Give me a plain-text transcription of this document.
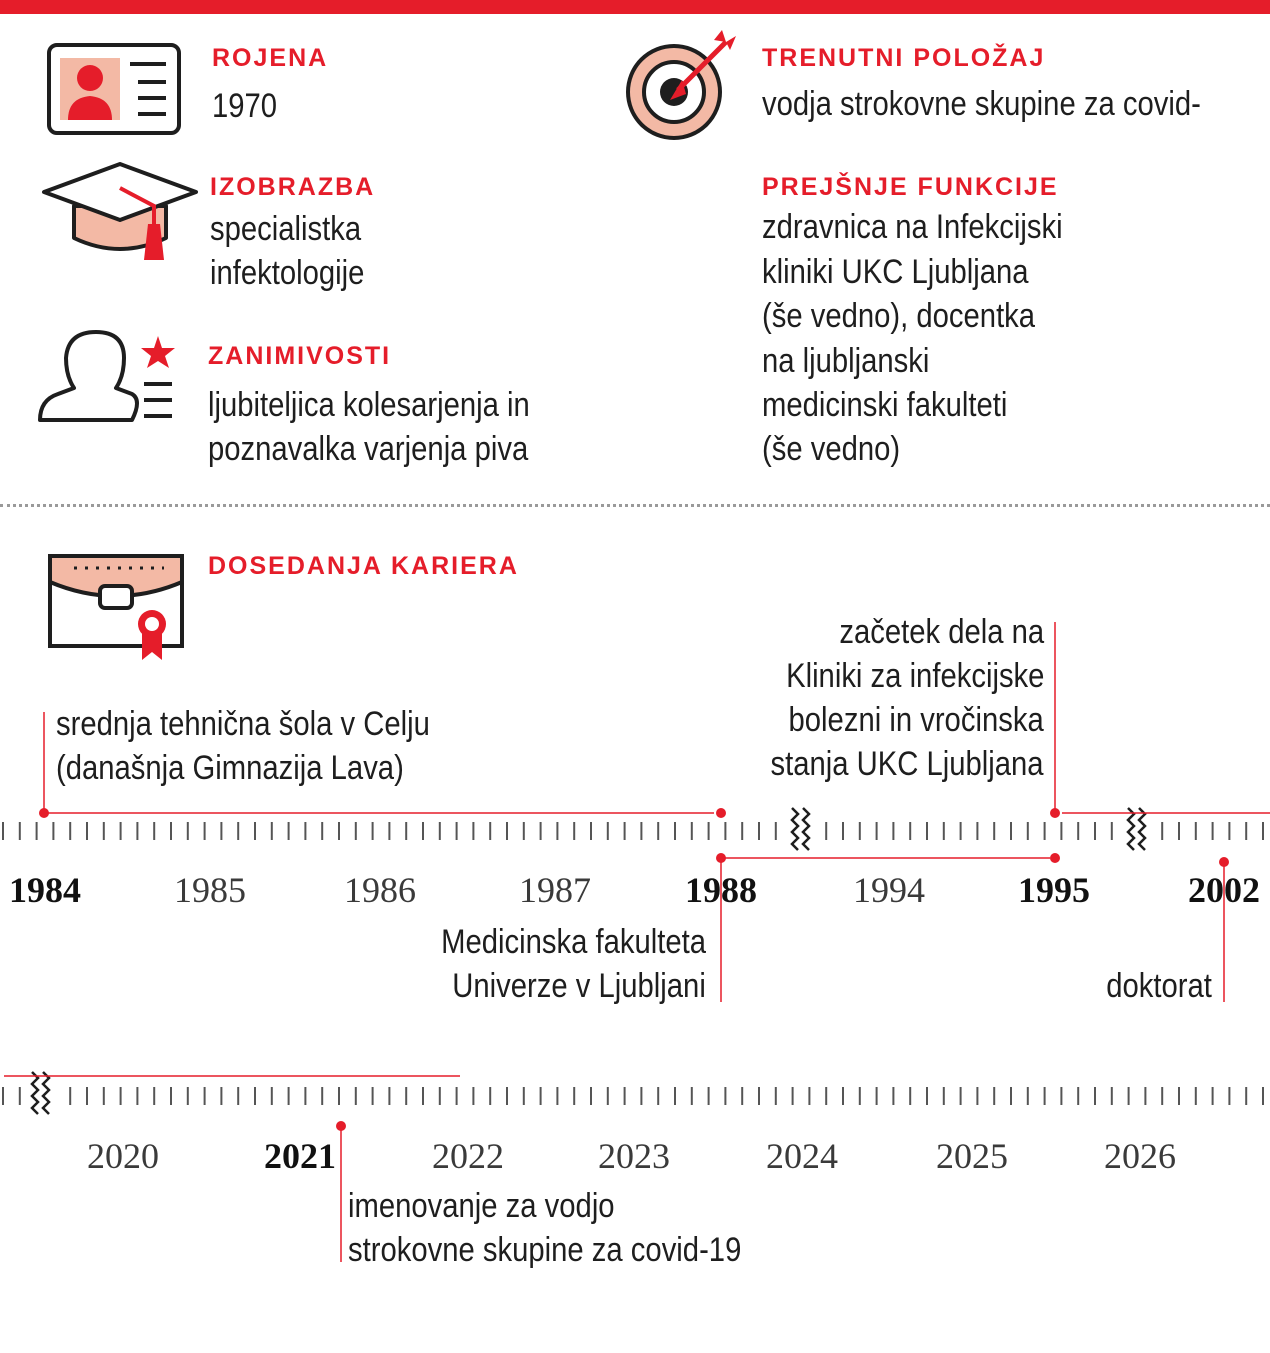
ROJENA
1970
TRENUTNI POLOŽAJ
vodja strokovne skupine za covid-
IZOBRAZBA
specialistka
infektologije
PREJŠNJE FUNKCIJE
zdravnica na Infekcijski
kliniki UKC Ljubljana
(še vedno), docentka
na ljubljanski
medicinski fakulteti
(še vedno)
ZANIMIVOSTI
ljubiteljica kolesarjenja in
poznavalka varjenja piva
DOSEDANJA KARIERA
1984	1985	1986	1987	1988	1994	1995	2002
srednja tehnična šola v Celju
(današnja Gimnazija Lava)
Medicinska fakulteta
Univerze v Ljubljani
začetek dela na
Kliniki za infekcijske
bolezni in vročinska
stanja UKC Ljubljana
doktorat
2020	2021	2022	2023	2024	2025	2026
imenovanje za vodjo
strokovne skupine za covid-19
